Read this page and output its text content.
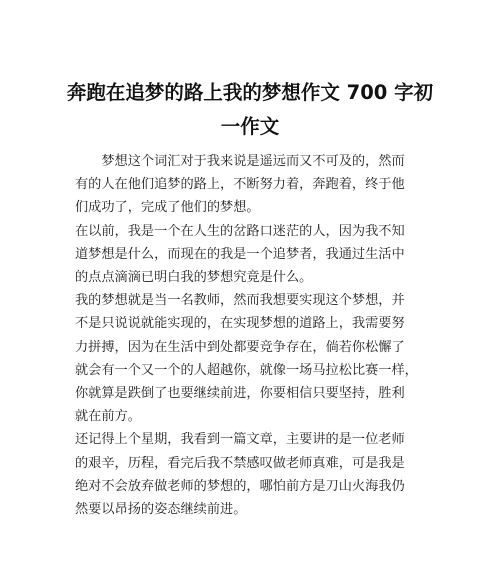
奔跑在追梦的路上我的梦想作文 700 字初
一作文

　　梦想这个词汇对于我来说是遥远而又不可及的，然而
有的人在他们追梦的路上，不断努力着，奔跑着，终于他
们成功了，完成了他们的梦想。

在以前，我是一个在人生的岔路口迷茫的人，因为我不知
道梦想是什么，而现在的我是一个追梦者，我通过生活中
的点点滴滴已明白我的梦想究竟是什么。

我的梦想就是当一名教师，然而我想要实现这个梦想，并
不是只说说就能实现的，在实现梦想的道路上，我需要努
力拼搏，因为在生活中到处都要竞争存在，倘若你松懈了
就会有一个又一个的人超越你，就像一场马拉松比赛一样，
你就算是跌倒了也要继续前进，你要相信只要坚持，胜利
就在前方。

还记得上个星期，我看到一篇文章，主要讲的是一位老师
的艰辛，历程，看完后我不禁感叹做老师真难，可是我是
绝对不会放弃做老师的梦想的，哪怕前方是刀山火海我仍
然要以昂扬的姿态继续前进。
